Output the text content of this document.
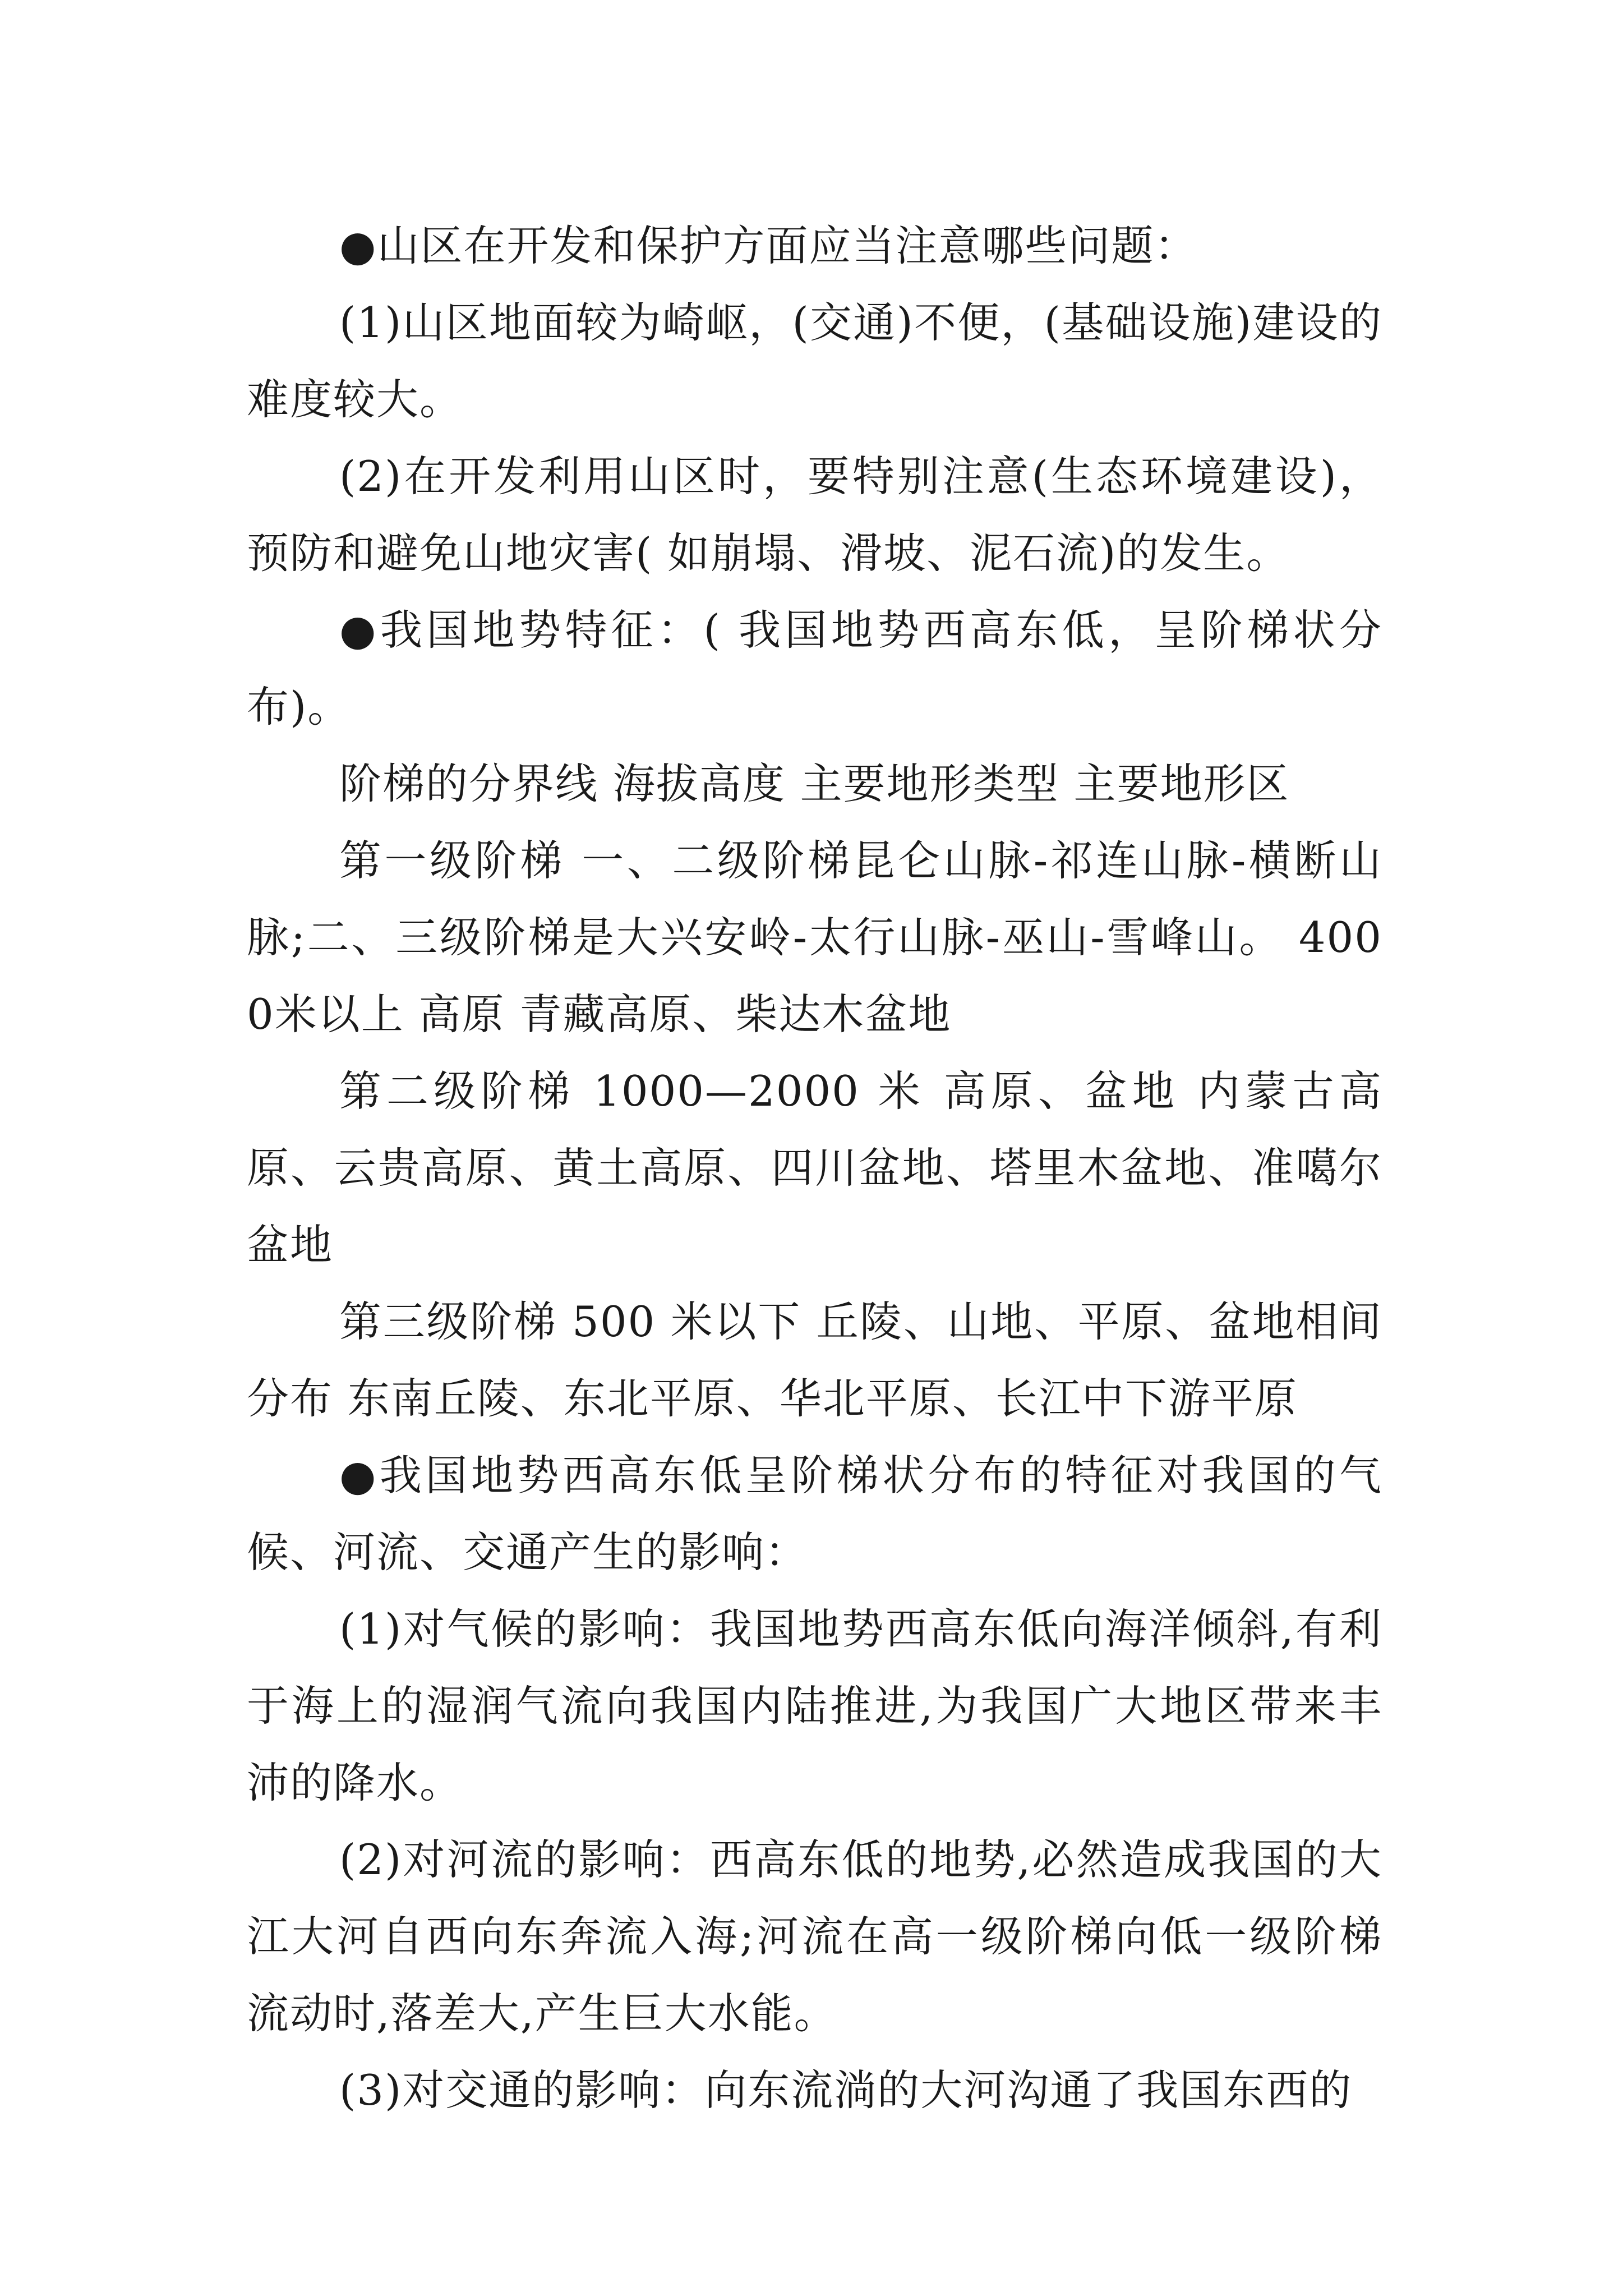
●山区在开发和保护方面应当注意哪些问题：

(1)山区地面较为崎岖，(交通)不便，(基础设施)建设的难度较大。

(2)在开发利用山区时，要特别注意(生态环境建设)，预防和避免山地灾害( 如崩塌、滑坡、泥石流)的发生。

●我国地势特征：( 我国地势西高东低，呈阶梯状分布)。

阶梯的分界线 海拔高度 主要地形类型 主要地形区

第一级阶梯 一、二级阶梯昆仑山脉-祁连山脉-横断山脉;二、三级阶梯是大兴安岭-太行山脉-巫山-雪峰山。 4000米以上 高原 青藏高原、柴达木盆地

第二级阶梯 1000—2000 米 高原、盆地 内蒙古高原、云贵高原、黄土高原、四川盆地、塔里木盆地、准噶尔盆地

第三级阶梯 500 米以下 丘陵、山地、平原、盆地相间分布 东南丘陵、东北平原、华北平原、长江中下游平原

●我国地势西高东低呈阶梯状分布的特征对我国的气候、河流、交通产生的影响：

(1)对气候的影响：我国地势西高东低向海洋倾斜,有利于海上的湿润气流向我国内陆推进,为我国广大地区带来丰沛的降水。

(2)对河流的影响：西高东低的地势,必然造成我国的大江大河自西向东奔流入海;河流在高一级阶梯向低一级阶梯流动时,落差大,产生巨大水能。

(3)对交通的影响：向东流淌的大河沟通了我国东西的
